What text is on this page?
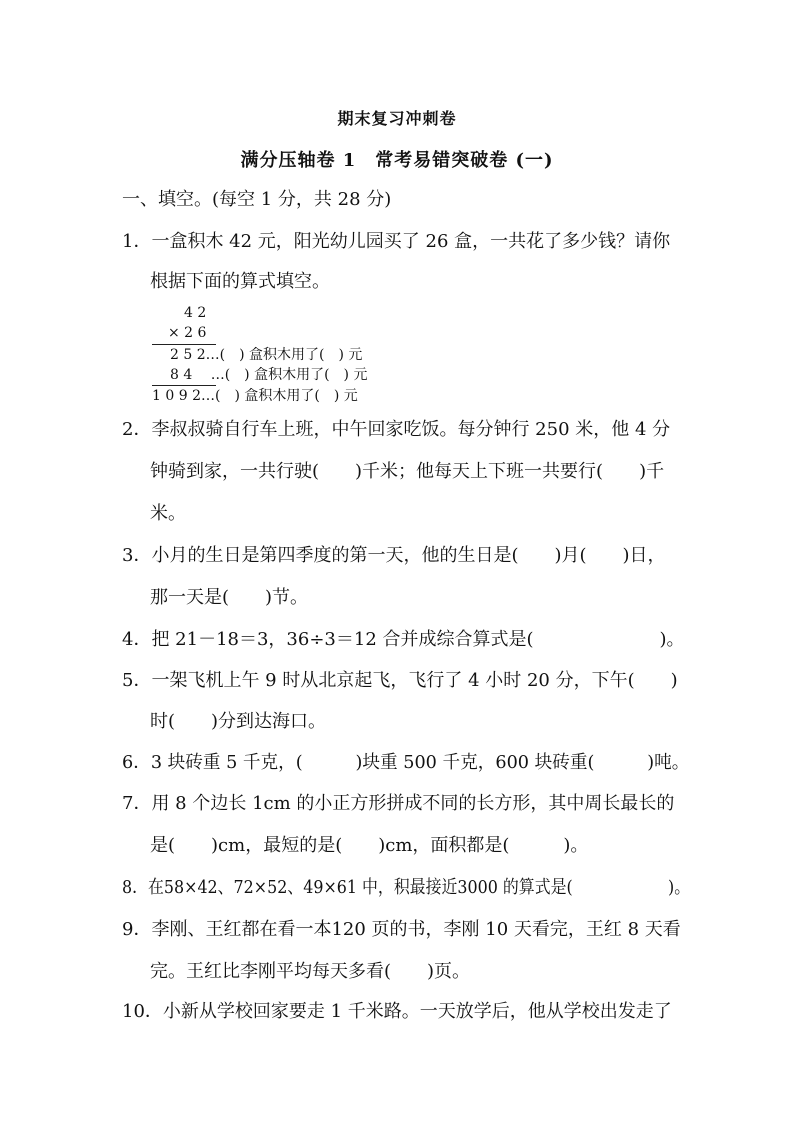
期末复习冲刺卷
满分压轴卷 1　常考易错突破卷 (一)
一、填空。(每空 1 分，共 28 分)
1．一盒积木 42 元，阳光幼儿园买了 26 盒，一共花了多少钱？请你
根据下面的算式填空。
4 2
× 2 6
2 5 2…(　) 盒积木用了(　) 元
8 4 　…(　) 盒积木用了(　) 元
1 0 9 2…(　) 盒积木用了(　) 元
2．李叔叔骑自行车上班，中午回家吃饭。每分钟行 250 米，他 4 分
钟骑到家，一共行驶(　　)千米；他每天上下班一共要行(　　)千
米。
3．小月的生日是第四季度的第一天，他的生日是(　　)月(　　)日，
那一天是(　　)节。
4．把 21－18＝3，36÷3＝12 合并成综合算式是(　　　　　　　)。
5．一架飞机上午 9 时从北京起飞，飞行了 4 小时 20 分，下午(　　)
时(　　)分到达海口。
6．3 块砖重 5 千克，(　　　)块重 500 千克，600 块砖重(　　　)吨。
7．用 8 个边长 1cm 的小正方形拼成不同的长方形，其中周长最长的
是(　　)cm，最短的是(　　)cm，面积都是(　　　)。
8．在58×42、72×52、49×61 中，积最接近3000 的算式是(　　　　　　)。
9．李刚、王红都在看一本120 页的书，李刚 10 天看完，王红 8 天看
完。王红比李刚平均每天多看(　　)页。
10．小新从学校回家要走 1 千米路。一天放学后，他从学校出发走了
